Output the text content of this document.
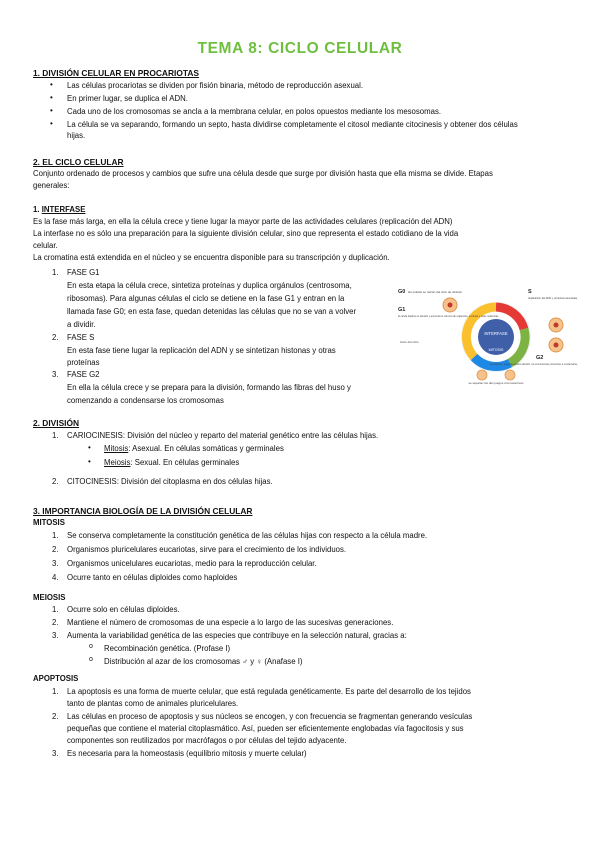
TEMA 8: CICLO CELULAR
1. DIVISIÓN CELULAR EN PROCARIOTAS
• Las células procariotas se dividen por fisión binaria, método de reproducción asexual.
• En primer lugar, se duplica el ADN.
• Cada uno de los cromosomas se ancla a la membrana celular, en polos opuestos mediante los mesosomas.
• La célula se va separando, formando un septo, hasta dividirse completamente el citosol mediante citocinesis y obtener dos células
hijas.
2. EL CICLO CELULAR
Conjunto ordenado de procesos y cambios que sufre una célula desde que surge por división hasta que ella misma se divide. Etapas
generales:
1. INTERFASE
Es la fase más larga, en ella la célula crece y tiene lugar la mayor parte de las actividades celulares (replicación del ADN)
La interfase no es sólo una preparación para la siguiente división celular, sino que representa el estado cotidiano de la vida
celular.
La cromatina está extendida en el núcleo y se encuentra disponible para su transcripción y duplicación.
1. FASE G1
En esta etapa la célula crece, sintetiza proteínas y duplica orgánulos (centrosoma,
ribosomas). Para algunas células el ciclo se detiene en la fase G1 y entran en la
llamada fase G0; en esta fase, quedan detenidas las células que no se van a volver
a dividir.
2. FASE S
En esta fase tiene lugar la replicación del ADN y se sintetizan histonas y otras
proteínas
3. FASE G2
En ella la célula crece y se prepara para la división, formando las fibras del huso y
comenzando a condensarse los cromosomas
INTERFASE
MITOSIS
G0 las células se retiran del ciclo de división
G1
la célula duplica su tamaño y aumenta el número de orgánulos, enzimas y otras moléculas
S
duplicación del ADN y proteínas asociadas
G2
se prepara y preparan para la división, los cromosomas comienzan a condensarse
inicio del ciclo
se separan los dos juegos cromosómicos
2. DIVISIÓN
1. CARIOCINESIS: División del núcleo y reparto del material genético entre las células hijas.
• Mitosis: Asexual. En células somáticas y germinales
• Meiosis: Sexual. En células germinales
2. CITOCINESIS: División del citoplasma en dos células hijas.
3. IMPORTANCIA BIOLOGÍA DE LA DIVISIÓN CELULAR
MITOSIS
1. Se conserva completamente la constitución genética de las células hijas con respecto a la célula madre.
2. Organismos pluricelulares eucariotas, sirve para el crecimiento de los individuos.
3. Organismos unicelulares eucariotas, medio para la reproducción celular.
4. Ocurre tanto en células diploides como haploides
MEIOSIS
1. Ocurre solo en células diploides.
2. Mantiene el número de cromosomas de una especie a lo largo de las sucesivas generaciones.
3. Aumenta la variabilidad genética de las especies que contribuye en la selección natural, gracias a:
o Recombinación genética. (Profase I)
o Distribución al azar de los cromosomas ♂ y ♀ (Anafase I)
APOPTOSIS
1. La apoptosis es una forma de muerte celular, que está regulada genéticamente. Es parte del desarrollo de los tejidos
tanto de plantas como de animales pluricelulares.
2. Las células en proceso de apoptosis y sus núcleos se encogen, y con frecuencia se fragmentan generando vesículas
pequeñas que contiene el material citoplasmático. Así, pueden ser eficientemente englobadas vía fagocitosis y sus
componentes son reutilizados por macrófagos o por células del tejido adyacente.
3. Es necesaria para la homeostasis (equilibrio mitosis y muerte celular)
